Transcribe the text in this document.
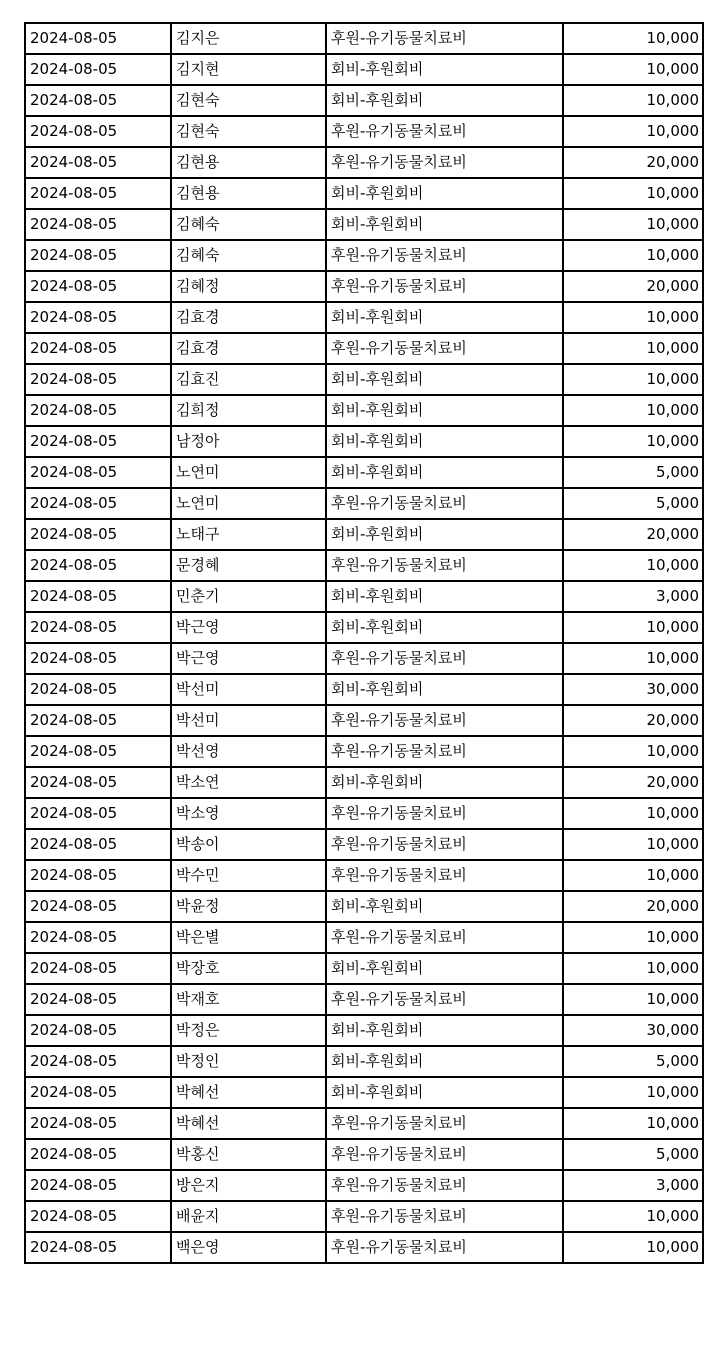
2024-08-05	김지은	후원-유기동물치료비	10,000
2024-08-05	김지현	회비-후원회비	10,000
2024-08-05	김현숙	회비-후원회비	10,000
2024-08-05	김현숙	후원-유기동물치료비	10,000
2024-08-05	김현용	후원-유기동물치료비	20,000
2024-08-05	김현용	회비-후원회비	10,000
2024-08-05	김혜숙	회비-후원회비	10,000
2024-08-05	김혜숙	후원-유기동물치료비	10,000
2024-08-05	김혜정	후원-유기동물치료비	20,000
2024-08-05	김효경	회비-후원회비	10,000
2024-08-05	김효경	후원-유기동물치료비	10,000
2024-08-05	김효진	회비-후원회비	10,000
2024-08-05	김희정	회비-후원회비	10,000
2024-08-05	남정아	회비-후원회비	10,000
2024-08-05	노연미	회비-후원회비	5,000
2024-08-05	노연미	후원-유기동물치료비	5,000
2024-08-05	노태구	회비-후원회비	20,000
2024-08-05	문경혜	후원-유기동물치료비	10,000
2024-08-05	민춘기	회비-후원회비	3,000
2024-08-05	박근영	회비-후원회비	10,000
2024-08-05	박근영	후원-유기동물치료비	10,000
2024-08-05	박선미	회비-후원회비	30,000
2024-08-05	박선미	후원-유기동물치료비	20,000
2024-08-05	박선영	후원-유기동물치료비	10,000
2024-08-05	박소연	회비-후원회비	20,000
2024-08-05	박소영	후원-유기동물치료비	10,000
2024-08-05	박송이	후원-유기동물치료비	10,000
2024-08-05	박수민	후원-유기동물치료비	10,000
2024-08-05	박윤정	회비-후원회비	20,000
2024-08-05	박은별	후원-유기동물치료비	10,000
2024-08-05	박장호	회비-후원회비	10,000
2024-08-05	박재호	후원-유기동물치료비	10,000
2024-08-05	박정은	회비-후원회비	30,000
2024-08-05	박정인	회비-후원회비	5,000
2024-08-05	박혜선	회비-후원회비	10,000
2024-08-05	박혜선	후원-유기동물치료비	10,000
2024-08-05	박홍신	후원-유기동물치료비	5,000
2024-08-05	방은지	후원-유기동물치료비	3,000
2024-08-05	배윤지	후원-유기동물치료비	10,000
2024-08-05	백은영	후원-유기동물치료비	10,000
